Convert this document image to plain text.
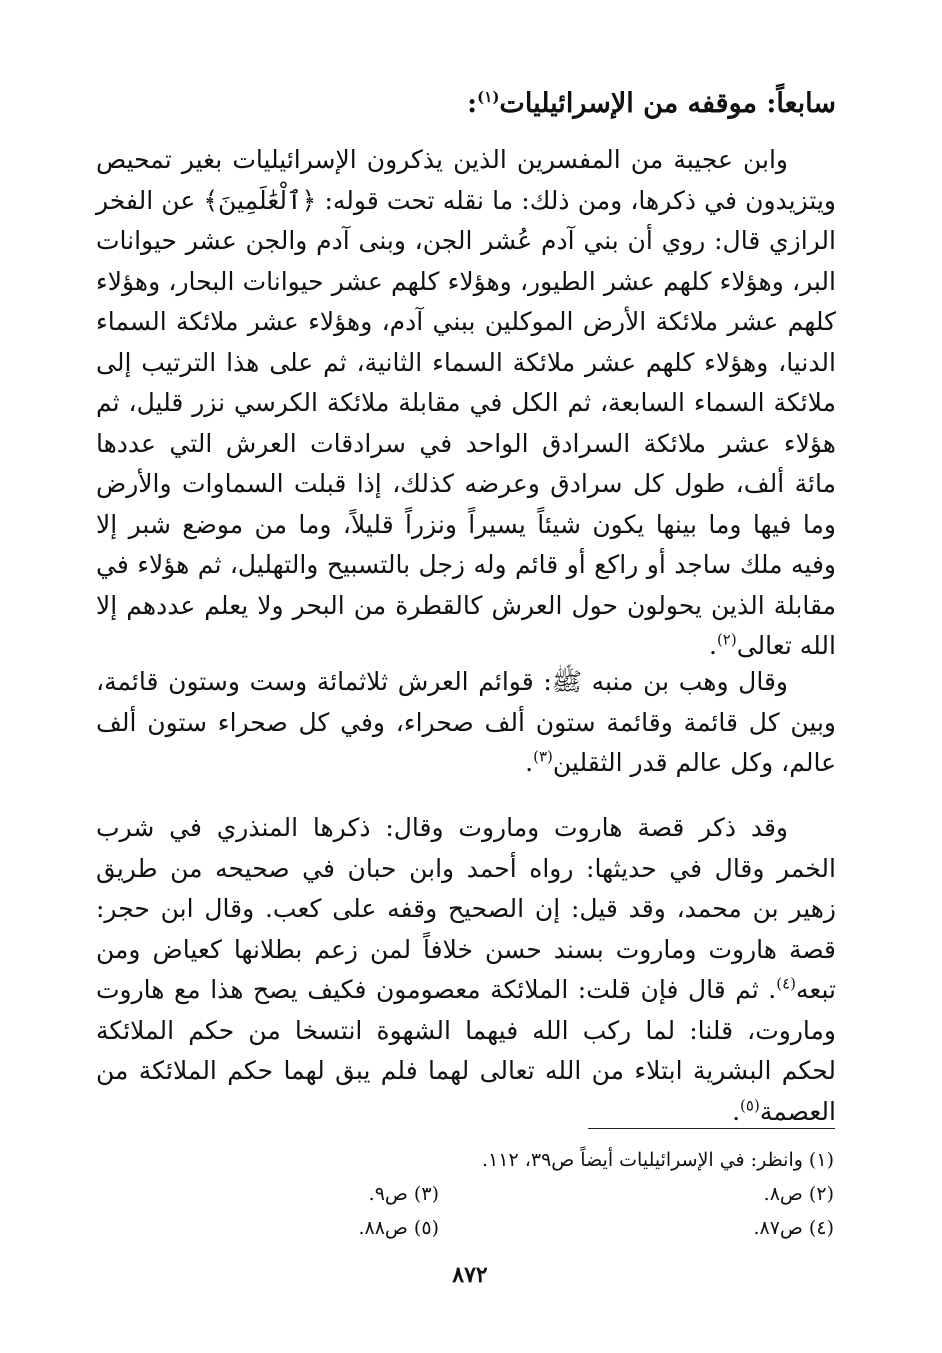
سابعاً: موقفه من الإسرائيليات$^{(١)}$:
وابن عجيبة من المفسرين الذين يذكرون الإسرائيليات بغير تمحيص ويتزيدون في ذكرها، ومن ذلك: ما نقله تحت قوله: ﴿ٱلْعَٰلَمِينَ﴾ عن الفخر الرازي قال: روي أن بني آدم عُشر الجن، وبنى آدم والجن عشر حيوانات البر، وهؤلاء كلهم عشر الطيور، وهؤلاء كلهم عشر حيوانات البحار، وهؤلاء كلهم عشر ملائكة الأرض الموكلين ببني آدم، وهؤلاء عشر ملائكة السماء الدنيا، وهؤلاء كلهم عشر ملائكة السماء الثانية، ثم على هذا الترتيب إلى ملائكة السماء السابعة، ثم الكل في مقابلة ملائكة الكرسي نزر قليل، ثم هؤلاء عشر ملائكة السرادق الواحد في سرادقات العرش التي عددها مائة ألف، طول كل سرادق وعرضه كذلك، إذا قبلت السماوات والأرض وما فيها وما بينها يكون شيئاً يسيراً ونزراً قليلاً، وما من موضع شبر إلا وفيه ملك ساجد أو راكع أو قائم وله زجل بالتسبيح والتهليل، ثم هؤلاء في مقابلة الذين يحولون حول العرش كالقطرة من البحر ولا يعلم عددهم إلا الله تعالى$^{(٢)}$.
وقال وهب بن منبه ﷺ: قوائم العرش ثلاثمائة وست وستون قائمة، وبين كل قائمة وقائمة ستون ألف صحراء، وفي كل صحراء ستون ألف عالم، وكل عالم قدر الثقلين$^{(٣)}$.
وقد ذكر قصة هاروت وماروت وقال: ذكرها المنذري في شرب الخمر وقال في حديثها: رواه أحمد وابن حبان في صحيحه من طريق زهير بن محمد، وقد قيل: إن الصحيح وقفه على كعب. وقال ابن حجر: قصة هاروت وماروت بسند حسن خلافاً لمن زعم بطلانها كعياض ومن تبعه$^{(٤)}$. ثم قال فإن قلت: الملائكة معصومون فكيف يصح هذا مع هاروت وماروت، قلنا: لما ركب الله فيهما الشهوة انتسخا من حكم الملائكة لحكم البشرية ابتلاء من الله تعالى لهما فلم يبق لهما حكم الملائكة من العصمة$^{(٥)}$.
(١) وانظر: في الإسرائيليات أيضاً ص٣٩، ١١٢.
(٢) ص٨.
(٣) ص٩.
(٤) ص٨٧.
(٥) ص٨٨.
٨٧٢
